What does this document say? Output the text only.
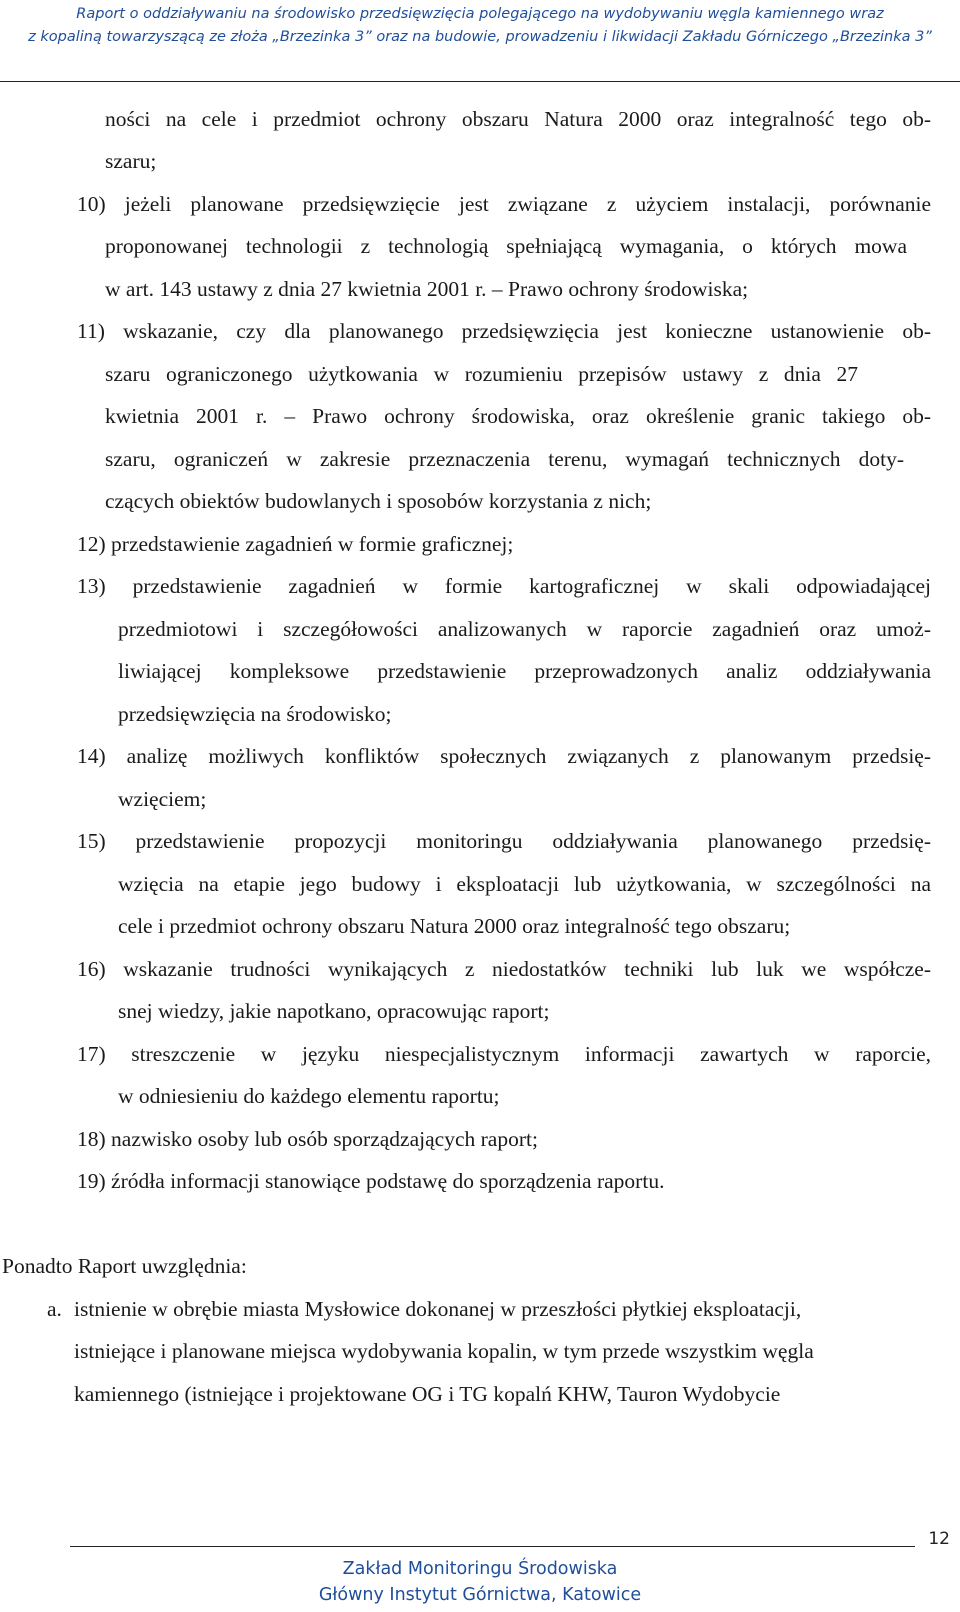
Raport o oddziaływaniu na środowisko przedsięwzięcia polegającego na wydobywaniu węgla kamiennego wraz
z kopaliną towarzyszącą ze złoża „Brzezinka 3” oraz na budowie, prowadzeniu i likwidacji Zakładu Górniczego „Brzezinka 3”
ności na cele i przedmiot ochrony obszaru Natura 2000 oraz integralność tego ob-
szaru;
10) jeżeli planowane przedsięwzięcie jest związane z użyciem instalacji, porównanie
proponowanej technologii z technologią spełniającą wymagania, o których mowa
w art. 143 ustawy z dnia 27 kwietnia 2001 r. – Prawo ochrony środowiska;
11) wskazanie, czy dla planowanego przedsięwzięcia jest konieczne ustanowienie ob-
szaru ograniczonego użytkowania w rozumieniu przepisów ustawy z dnia 27
kwietnia 2001 r. – Prawo ochrony środowiska, oraz określenie granic takiego ob-
szaru, ograniczeń w zakresie przeznaczenia terenu, wymagań technicznych doty-
czących obiektów budowlanych i sposobów korzystania z nich;
12) przedstawienie zagadnień w formie graficznej;
13) przedstawienie zagadnień w formie kartograficznej w skali odpowiadającej
przedmiotowi i szczegółowości analizowanych w raporcie zagadnień oraz umoż-
liwiającej kompleksowe przedstawienie przeprowadzonych analiz oddziaływania
przedsięwzięcia na środowisko;
14) analizę możliwych konfliktów społecznych związanych z planowanym przedsię-
wzięciem;
15) przedstawienie propozycji monitoringu oddziaływania planowanego przedsię-
wzięcia na etapie jego budowy i eksploatacji lub użytkowania, w szczególności na
cele i przedmiot ochrony obszaru Natura 2000 oraz integralność tego obszaru;
16) wskazanie trudności wynikających z niedostatków techniki lub luk we współcze-
snej wiedzy, jakie napotkano, opracowując raport;
17) streszczenie w języku niespecjalistycznym informacji zawartych w raporcie,
w odniesieniu do każdego elementu raportu;
18) nazwisko osoby lub osób sporządzających raport;
19) źródła informacji stanowiące podstawę do sporządzenia raportu.
Ponadto Raport uwzględnia:
a. istnienie w obrębie miasta Mysłowice dokonanej w przeszłości płytkiej eksploatacji,
istniejące i planowane miejsca wydobywania kopalin, w tym przede wszystkim węgla
kamiennego (istniejące i projektowane OG i TG kopalń KHW, Tauron Wydobycie
12
Zakład Monitoringu Środowiska
Główny Instytut Górnictwa, Katowice
